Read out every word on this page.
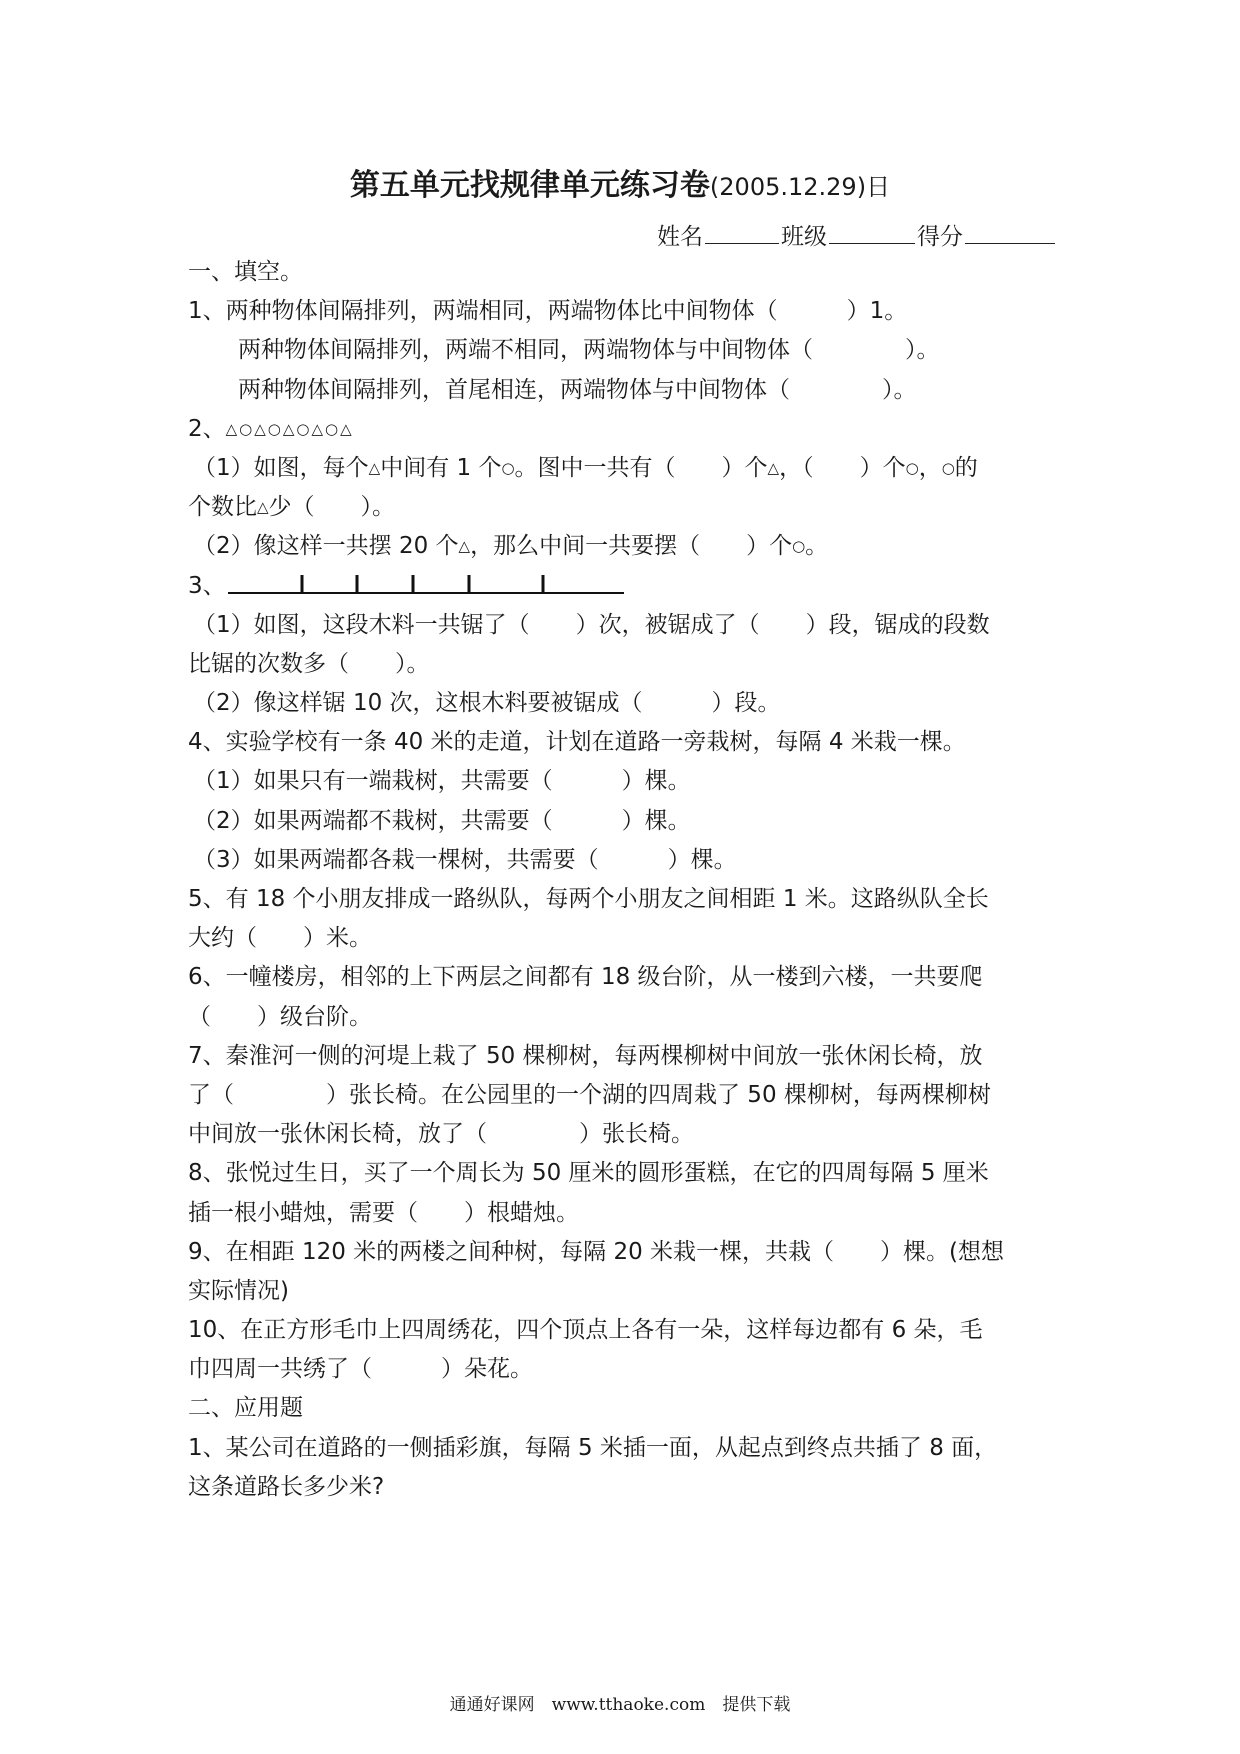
第五单元找规律单元练习卷(2005.12.29)日
姓名	班级	得分
一、填空。
1、两种物体间隔排列，两端相同，两端物体比中间物体（　　　）1。
两种物体间隔排列，两端不相同，两端物体与中间物体（　　　　）。
两种物体间隔排列，首尾相连，两端物体与中间物体（　　　　）。
2、△○△○△○△○△
（1）如图，每个△中间有 1 个○。图中一共有（　　）个△，（　　）个○，○的
个数比△少（　　）。
（2）像这样一共摆 20 个△，那么中间一共要摆（　　）个○。
3、
（1）如图，这段木料一共锯了（　　）次，被锯成了（　　）段，锯成的段数
比锯的次数多（　　）。
（2）像这样锯 10 次，这根木料要被锯成（　　　）段。
4、实验学校有一条 40 米的走道，计划在道路一旁栽树，每隔 4 米栽一棵。
（1）如果只有一端栽树，共需要（　　　）棵。
（2）如果两端都不栽树，共需要（　　　）棵。
（3）如果两端都各栽一棵树，共需要（　　　）棵。
5、有 18 个小朋友排成一路纵队，每两个小朋友之间相距 1 米。这路纵队全长
大约（　　）米。
6、一幢楼房，相邻的上下两层之间都有 18 级台阶，从一楼到六楼，一共要爬
（　　）级台阶。
7、秦淮河一侧的河堤上栽了 50 棵柳树，每两棵柳树中间放一张休闲长椅，放
了（　　　　）张长椅。在公园里的一个湖的四周栽了 50 棵柳树，每两棵柳树
中间放一张休闲长椅，放了（　　　　）张长椅。
8、张悦过生日，买了一个周长为 50 厘米的圆形蛋糕，在它的四周每隔 5 厘米
插一根小蜡烛，需要（　　）根蜡烛。
9、在相距 120 米的两楼之间种树，每隔 20 米栽一棵，共栽（　　）棵。(想想
实际情况)
10、在正方形毛巾上四周绣花，四个顶点上各有一朵，这样每边都有 6 朵，毛
巾四周一共绣了（　　　）朵花。
二、应用题
1、某公司在道路的一侧插彩旗，每隔 5 米插一面，从起点到终点共插了 8 面，
这条道路长多少米?
通通好课网　www.tthaoke.com　提供下载
